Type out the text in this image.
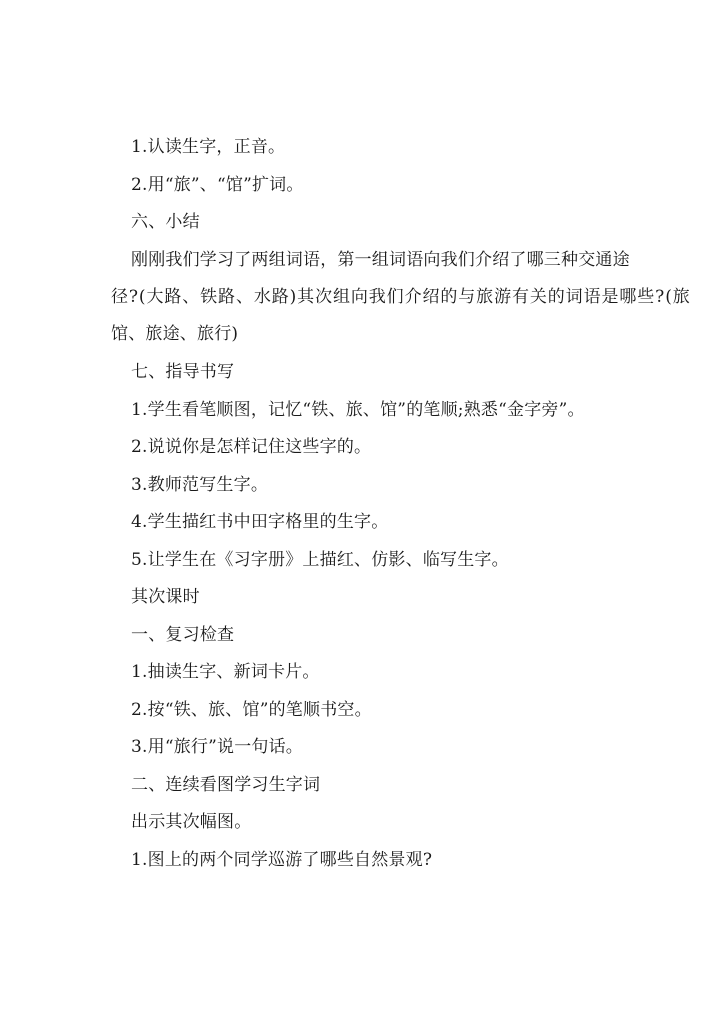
1.认读生字，正音。
2.用“旅”、“馆”扩词。
六、小结
刚刚我们学习了两组词语，第一组词语向我们介绍了哪三种交通途
径?(大路、铁路、水路)其次组向我们介绍的与旅游有关的词语是哪些?(旅
馆、旅途、旅行)
七、指导书写
1.学生看笔顺图，记忆“铁、旅、馆”的笔顺;熟悉“金字旁”。
2.说说你是怎样记住这些字的。
3.教师范写生字。
4.学生描红书中田字格里的生字。
5.让学生在《习字册》上描红、仿影、临写生字。
其次课时
一、复习检查
1.抽读生字、新词卡片。
2.按“铁、旅、馆”的笔顺书空。
3.用“旅行”说一句话。
二、连续看图学习生字词
出示其次幅图。
1.图上的两个同学巡游了哪些自然景观?
